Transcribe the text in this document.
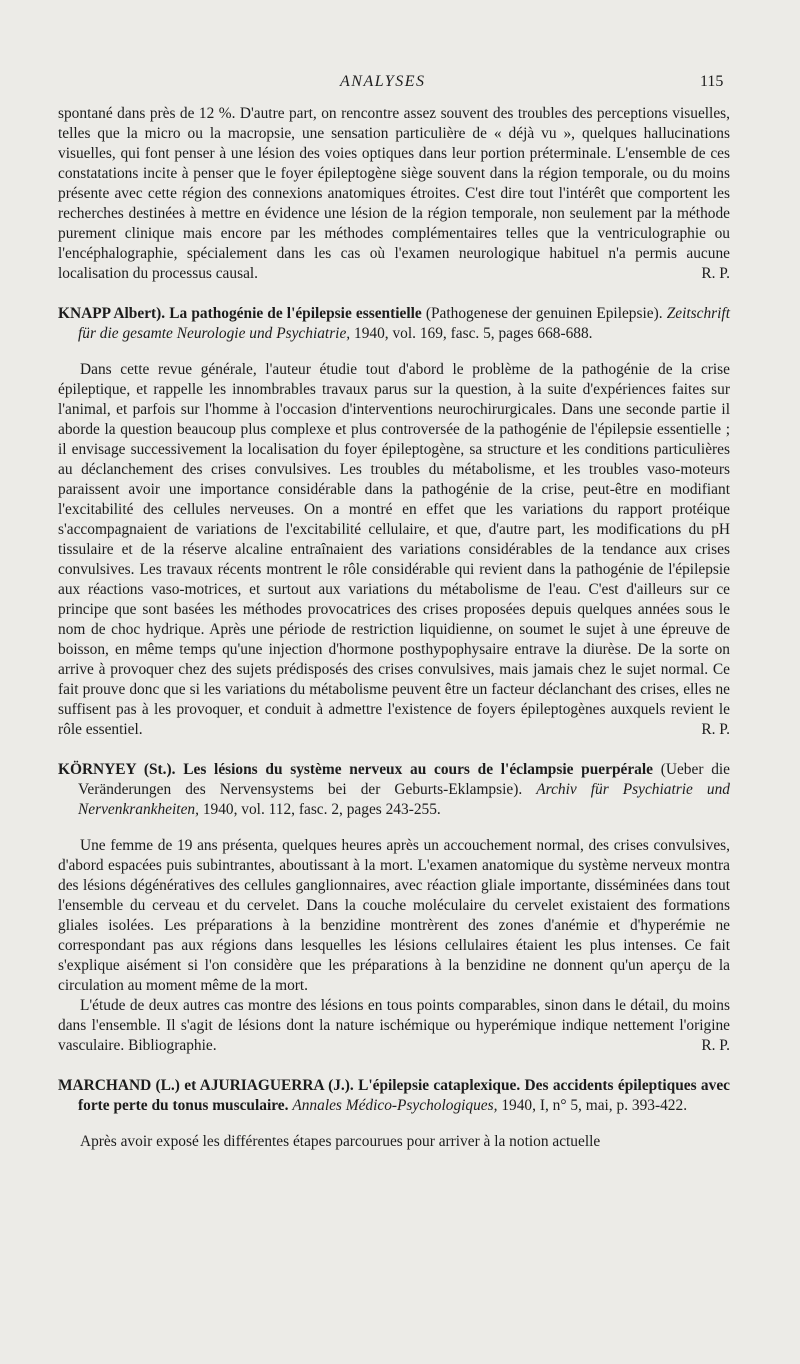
ANALYSES	115

spontané dans près de 12 %. D'autre part, on rencontre assez souvent des troubles des perceptions visuelles, telles que la micro ou la macropsie, une sensation particulière de « déjà vu », quelques hallucinations visuelles, qui font penser à une lésion des voies optiques dans leur portion préterminale. L'ensemble de ces constatations incite à penser que le foyer épileptogène siège souvent dans la région temporale, ou du moins présente avec cette région des connexions anatomiques étroites. C'est dire tout l'intérêt que comportent les recherches destinées à mettre en évidence une lésion de la région temporale, non seulement par la méthode purement clinique mais encore par les méthodes complémentaires telles que la ventriculographie ou l'encéphalographie, spécialement dans les cas où l'examen neurologique habituel n'a permis aucune localisation du processus causal.	R. P.

KNAPP Albert). La pathogénie de l'épilepsie essentielle (Pathogenese der genuinen Epilepsie). Zeitschrift für die gesamte Neurologie und Psychiatrie, 1940, vol. 169, fasc. 5, pages 668-688.

Dans cette revue générale, l'auteur étudie tout d'abord le problème de la pathogénie de la crise épileptique, et rappelle les innombrables travaux parus sur la question, à la suite d'expériences faites sur l'animal, et parfois sur l'homme à l'occasion d'interventions neurochirurgicales. Dans une seconde partie il aborde la question beaucoup plus complexe et plus controversée de la pathogénie de l'épilepsie essentielle ; il envisage successivement la localisation du foyer épileptogène, sa structure et les conditions particulières au déclanchement des crises convulsives. Les troubles du métabolisme, et les troubles vaso-moteurs paraissent avoir une importance considérable dans la pathogénie de la crise, peut-être en modifiant l'excitabilité des cellules nerveuses. On a montré en effet que les variations du rapport protéique s'accompagnaient de variations de l'excitabilité cellulaire, et que, d'autre part, les modifications du pH tissulaire et de la réserve alcaline entraînaient des variations considérables de la tendance aux crises convulsives. Les travaux récents montrent le rôle considérable qui revient dans la pathogénie de l'épilepsie aux réactions vaso-motrices, et surtout aux variations du métabolisme de l'eau. C'est d'ailleurs sur ce principe que sont basées les méthodes provocatrices des crises proposées depuis quelques années sous le nom de choc hydrique. Après une période de restriction liquidienne, on soumet le sujet à une épreuve de boisson, en même temps qu'une injection d'hormone posthypophysaire entrave la diurèse. De la sorte on arrive à provoquer chez des sujets prédisposés des crises convulsives, mais jamais chez le sujet normal. Ce fait prouve donc que si les variations du métabolisme peuvent être un facteur déclanchant des crises, elles ne suffisent pas à les provoquer, et conduit à admettre l'existence de foyers épileptogènes auxquels revient le rôle essentiel.	R. P.

KÖRNYEY (St.). Les lésions du système nerveux au cours de l'éclampsie puerpérale (Ueber die Veränderungen des Nervensystems bei der Geburts-Eklampsie). Archiv für Psychiatrie und Nervenkrankheiten, 1940, vol. 112, fasc. 2, pages 243-255.

Une femme de 19 ans présenta, quelques heures après un accouchement normal, des crises convulsives, d'abord espacées puis subintrantes, aboutissant à la mort. L'examen anatomique du système nerveux montra des lésions dégénératives des cellules ganglionnaires, avec réaction gliale importante, disséminées dans tout l'ensemble du cerveau et du cervelet. Dans la couche moléculaire du cervelet existaient des formations gliales isolées. Les préparations à la benzidine montrèrent des zones d'anémie et d'hyperémie ne correspondant pas aux régions dans lesquelles les lésions cellulaires étaient les plus intenses. Ce fait s'explique aisément si l'on considère que les préparations à la benzidine ne donnent qu'un aperçu de la circulation au moment même de la mort.

L'étude de deux autres cas montre des lésions en tous points comparables, sinon dans le détail, du moins dans l'ensemble. Il s'agit de lésions dont la nature ischémique ou hyperémique indique nettement l'origine vasculaire. Bibliographie.	R. P.

MARCHAND (L.) et AJURIAGUERRA (J.). L'épilepsie cataplexique. Des accidents épileptiques avec forte perte du tonus musculaire. Annales Médico-Psychologiques, 1940, I, n° 5, mai, p. 393-422.

Après avoir exposé les différentes étapes parcourues pour arriver à la notion actuelle
